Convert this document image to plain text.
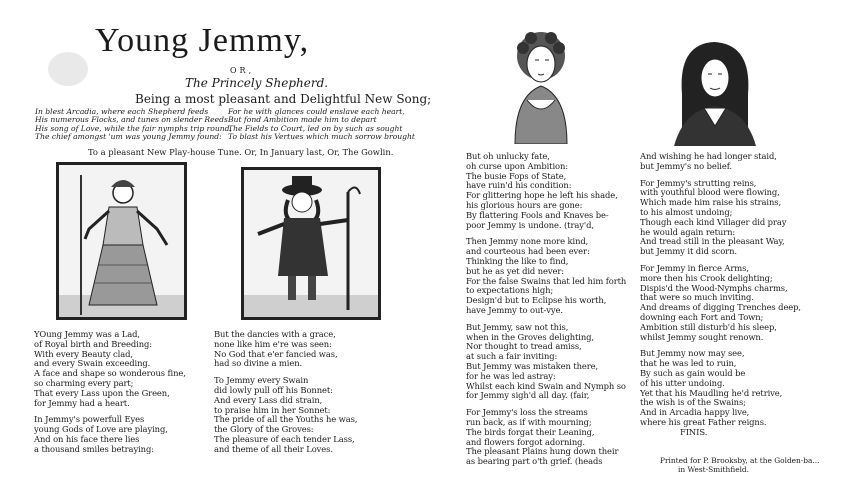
Young Jemmy,
OR,
The Princely Shepherd.
Being a most pleasant and Delightful New Song;
In blest Arcadia, where each Shepherd feeds
His numerous Flocks, and tunes on slender Reeds
His song of Love, while the fair nymphs trip round,
The chief amongst 'um was young Jemmy found:
For he with glances could enslave each heart,
But fond Ambition made him to depart
The Fields to Court, led on by such as sought
To blast his Vertues which much sorrow brought
To a pleasant New Play-house Tune. Or, In January last, Or, The Gowlin.
YOung Jemmy was a Lad,
of Royal birth and Breeding:
With every Beauty clad,
and every Swain exceeding.
A face and shape so wonderous fine,
so charming every part;
That every Lass upon the Green,
for Jemmy had a heart.
In Jemmy's powerfull Eyes
young Gods of Love are playing,
And on his face there lies
a thousand smiles betraying:
But the dancies with a grace,
none like him e're was seen:
No God that e'er fancied was,
had so divine a mien.
To Jemmy every Swain
did lowly pull off his Bonnet:
And every Lass did strain,
to praise him in her Sonnet:
The pride of all the Youths he was,
the Glory of the Groves:
The pleasure of each tender Lass,
and theme of all their Loves.
But oh unlucky fate,
oh curse upon Ambition:
The busie Fops of State,
have ruin'd his condition:
For glittering hope he left his shade,
his glorious hours are gone:
By flattering Fools and Knaves be-
poor Jemmy is undone. (tray'd,
Then Jemmy none more kind,
and courteous had been ever:
Thinking the like to find,
but he as yet did never:
For the false Swains that led him forth
to expectations high;
Design'd but to Eclipse his worth,
have Jemmy to out-vye.
But Jemmy, saw not this,
when in the Groves delighting,
Nor thought to tread amiss,
at such a fair inviting:
But Jemmy was mistaken there,
for he was led astray:
Whilst each kind Swain and Nymph so
for Jemmy sigh'd all day. (fair,
For Jemmy's loss the streams
run back, as if with mourning;
The birds forgat their Leaning,
and flowers forgot adorning.
The pleasant Plains hung down their
as bearing part o'th grief. (heads
And wishing he had longer staid,
but Jemmy's no belief.
For Jemmy's strutting reins,
with youthful blood were flowing,
Which made him raise his strains,
to his almost undoing;
Though each kind Villager did pray
he would again return:
And tread still in the pleasant Way,
but Jemmy it did scorn.
For Jemmy in fierce Arms,
more then his Crook delighting;
Dispis'd the Wood-Nymphs charms,
that were so much inviting.
And dreams of digging Trenches deep,
downing each Fort and Town;
Ambition still disturb'd his sleep,
whilst Jemmy sought renown.
But Jemmy now may see,
that he was led to ruin,
By such as gain would be
of his utter undoing.
Yet that his Maudling he'd retrive,
the wish is of the Swains;
And in Arcadia happy live,
where his great Father reigns.
FINIS.
Printed for P. Brooksby, at the Golden-ba...
in West-Smithfield.
